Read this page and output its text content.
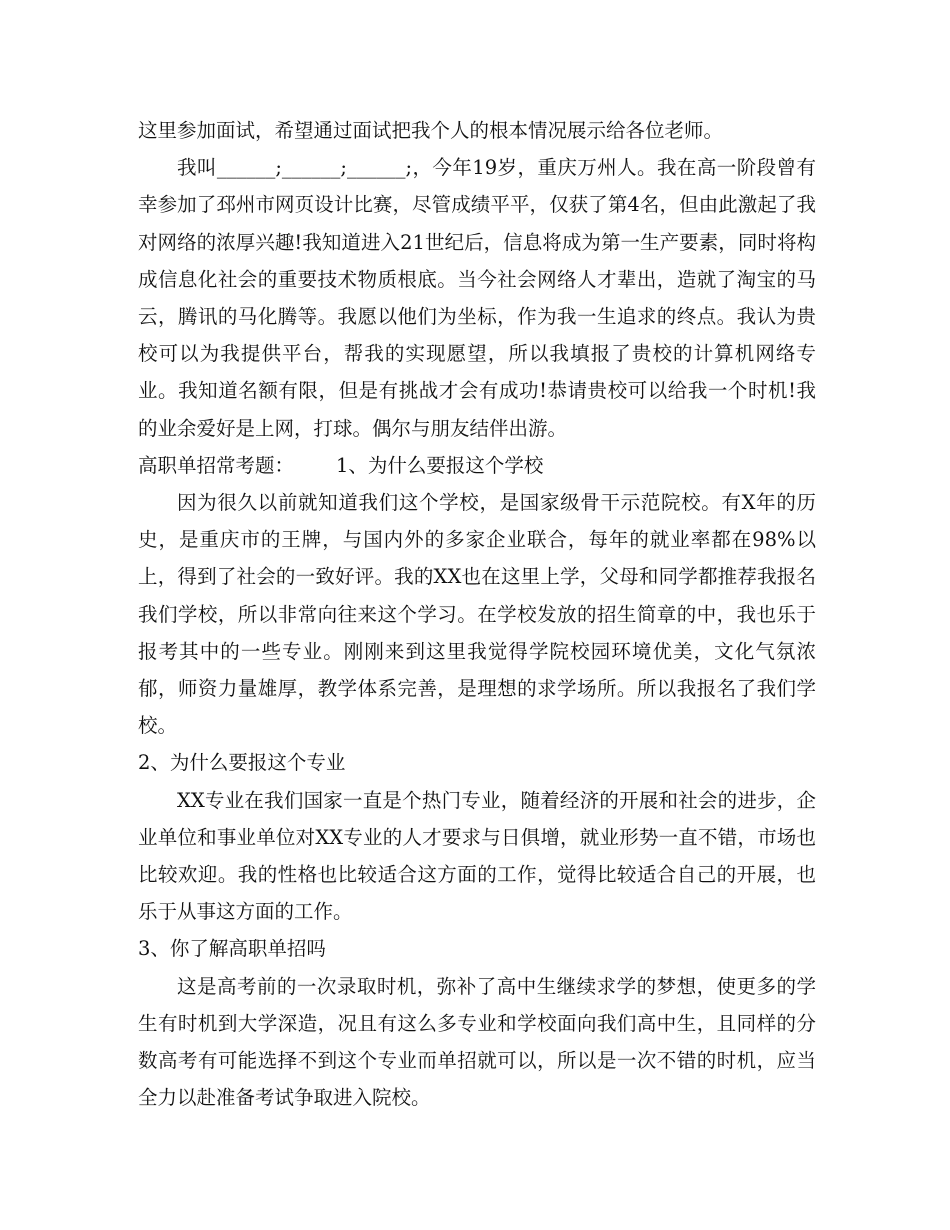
这里参加面试，希望通过面试把我个人的根本情况展示给各位老师。

我叫______;______;______;，今年19岁，重庆万州人。我在高一阶段曾有幸参加了邳州市网页设计比赛，尽管成绩平平，仅获了第4名，但由此激起了我对网络的浓厚兴趣!我知道进入21世纪后，信息将成为第一生产要素，同时将构成信息化社会的重要技术物质根底。当今社会网络人才辈出，造就了淘宝的马云，腾讯的马化腾等。我愿以他们为坐标，作为我一生追求的终点。我认为贵校可以为我提供平台，帮我的实现愿望，所以我填报了贵校的计算机网络专业。我知道名额有限，但是有挑战才会有成功!恭请贵校可以给我一个时机!我的业余爱好是上网，打球。偶尔与朋友结伴出游。

高职单招常考题： 1、为什么要报这个学校

因为很久以前就知道我们这个学校，是国家级骨干示范院校。有X年的历史，是重庆市的王牌，与国内外的多家企业联合，每年的就业率都在98%以上，得到了社会的一致好评。我的XX也在这里上学，父母和同学都推荐我报名我们学校，所以非常向往来这个学习。在学校发放的招生简章的中，我也乐于报考其中的一些专业。刚刚来到这里我觉得学院校园环境优美，文化气氛浓郁，师资力量雄厚，教学体系完善，是理想的求学场所。所以我报名了我们学校。

2、为什么要报这个专业

XX专业在我们国家一直是个热门专业，随着经济的开展和社会的进步，企业单位和事业单位对XX专业的人才要求与日俱增，就业形势一直不错，市场也比较欢迎。我的性格也比较适合这方面的工作，觉得比较适合自己的开展，也乐于从事这方面的工作。

3、你了解高职单招吗

这是高考前的一次录取时机，弥补了高中生继续求学的梦想，使更多的学生有时机到大学深造，况且有这么多专业和学校面向我们高中生，且同样的分数高考有可能选择不到这个专业而单招就可以，所以是一次不错的时机，应当全力以赴准备考试争取进入院校。
